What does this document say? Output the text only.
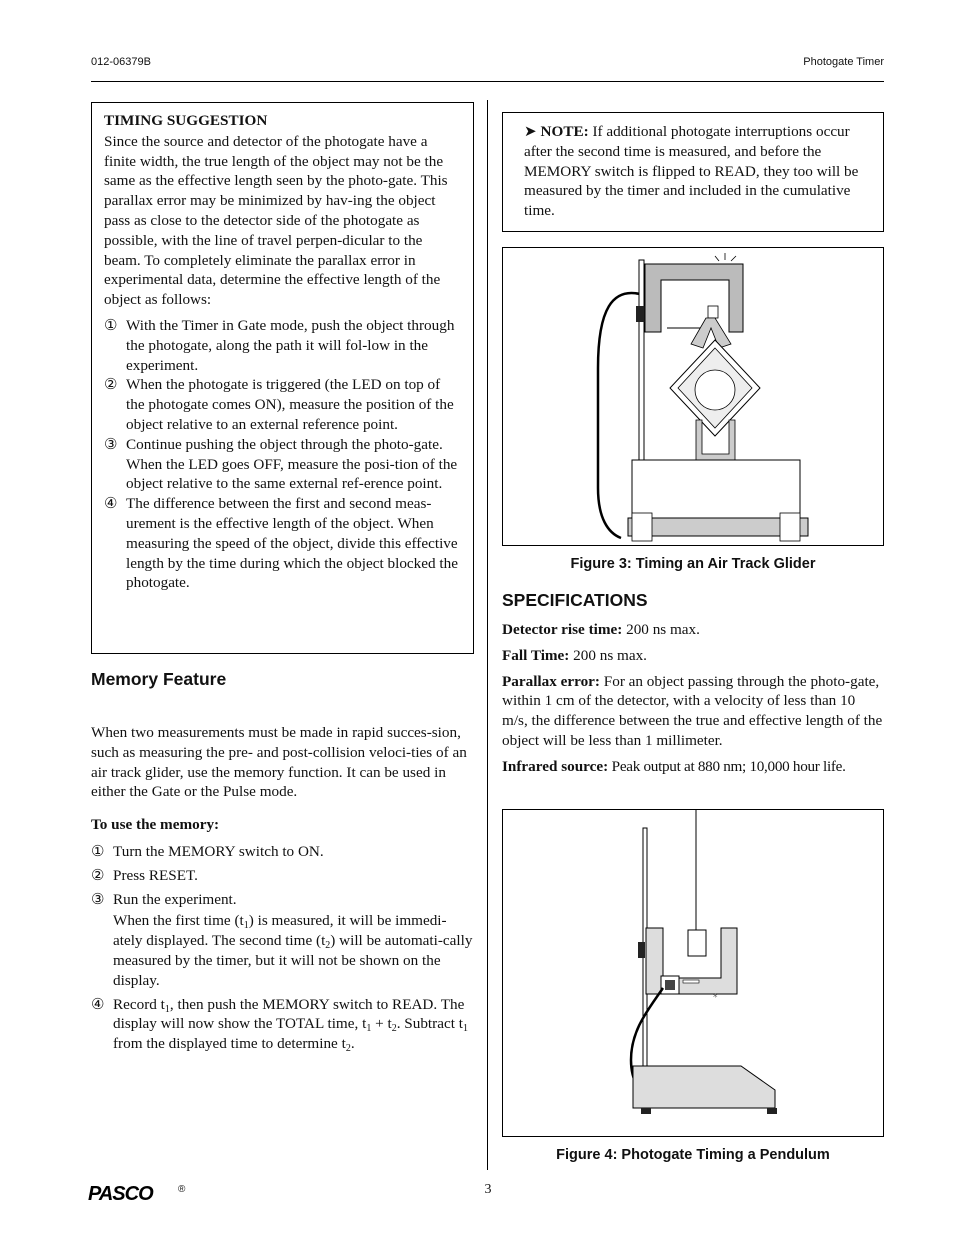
012-06379B	Photogate Timer
TIMING SUGGESTION
Since the source and detector of the photogate have a finite width, the true length of the object may not be the same as the effective length seen by the photo-gate. This parallax error may be minimized by hav-ing the object pass as close to the detector side of the photogate as possible, with the line of travel perpen-dicular to the beam. To completely eliminate the parallax error in experimental data, determine the effective length of the object as follows:
① With the Timer in Gate mode, push the object through the photogate, along the path it will fol-low in the experiment.
② When the photogate is triggered (the LED on top of the photogate comes ON), measure the position of the object relative to an external reference point.
③ Continue pushing the object through the photo-gate. When the LED goes OFF, measure the posi-tion of the object relative to the same external ref-erence point.
④ The difference between the first and second meas-urement is the effective length of the object. When measuring the speed of the object, divide this effective length by the time during which the object blocked the photogate.
Memory Feature
When two measurements must be made in rapid succes-sion, such as measuring the pre- and post-collision veloci-ties of an air track glider, use the memory function. It can be used in either the Gate or the Pulse mode.
To use the memory:
① Turn the MEMORY switch to ON.
② Press RESET.
③ Run the experiment.
When the first time $(t_1)$ is measured, it will be immedi-ately displayed. The second time $(t_2)$ will be automati-cally measured by the timer, but it will not be shown on the display.
④ Record $t_1$, then push the MEMORY switch to READ. The display will now show the TOTAL time, $t_1 + t_2$. Subtract $t_1$ from the displayed time to determine $t_2$.
➤ NOTE: If additional photogate interruptions occur after the second time is measured, and before the MEMORY switch is flipped to READ, they too will be measured by the timer and included in the cumulative time.
Figure 3: Timing an Air Track Glider
SPECIFICATIONS

Detector rise time: 200 ns max.

Fall Time: 200 ns max.

Parallax error: For an object passing through the photo-gate, within 1 cm of the detector, with a velocity of less than 10 m/s, the difference between the true and effective length of the object will be less than 1 millimeter.

Infrared source: Peak output at 880 nm; 10,000 hour life.

*
Figure 4: Photogate Timing a Pendulum
3
PASCO	®
